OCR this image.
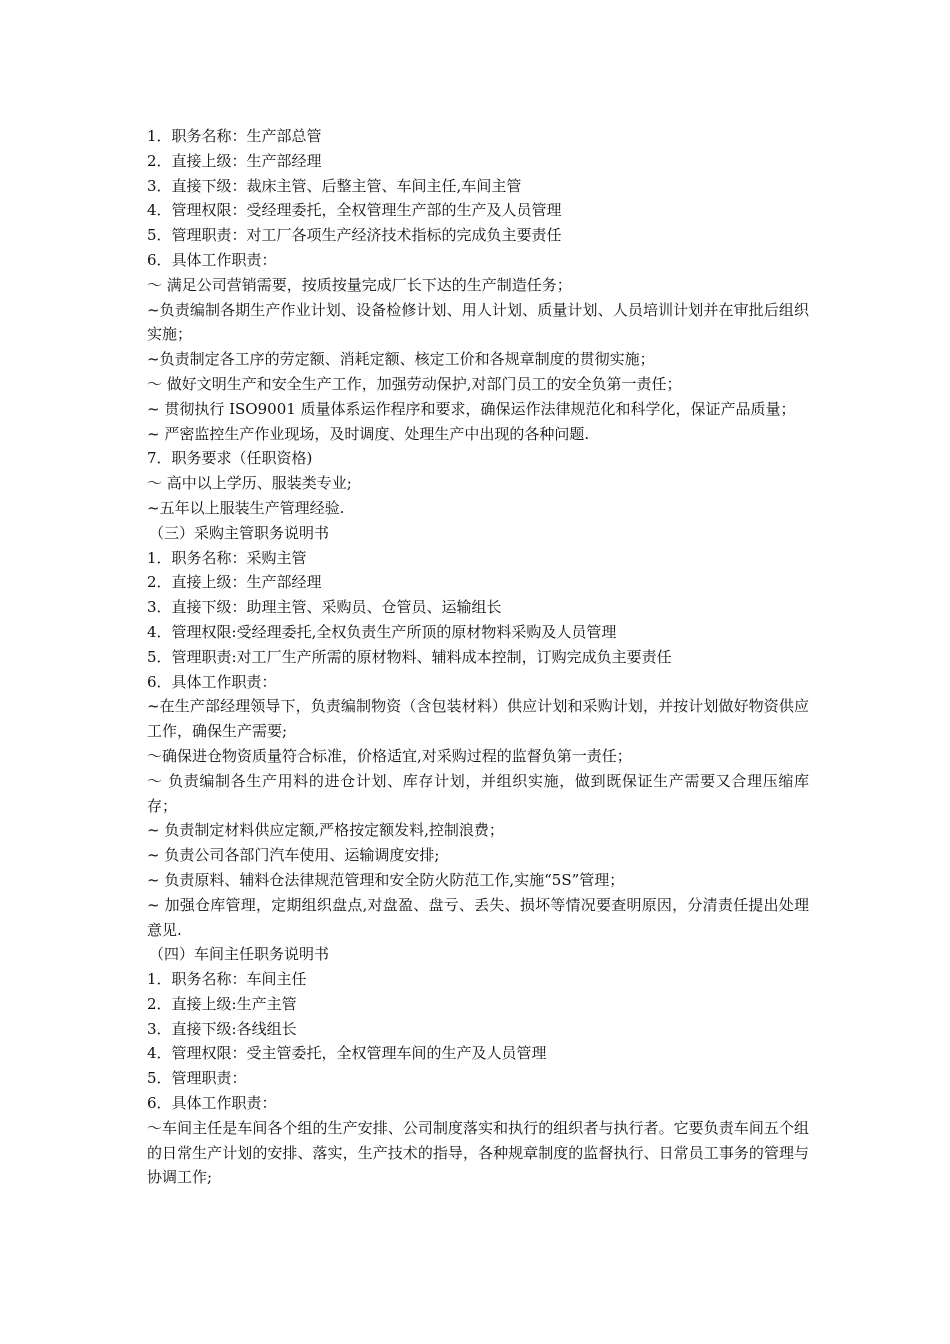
1．职务名称：生产部总管

2．直接上级：生产部经理

3．直接下级：裁床主管、后整主管、车间主任,车间主管

4．管理权限：受经理委托，全权管理生产部的生产及人员管理

5．管理职责：对工厂各项生产经济技术指标的完成负主要责任

6．具体工作职责：

～ 满足公司营销需要，按质按量完成厂长下达的生产制造任务；

~负责编制各期生产作业计划、设备检修计划、用人计划、质量计划、人员培训计划并在审批后组织实施；

~负责制定各工序的劳定额、消耗定额、核定工价和各规章制度的贯彻实施；

～ 做好文明生产和安全生产工作，加强劳动保护,对部门员工的安全负第一责任；

~ 贯彻执行 ISO9001 质量体系运作程序和要求，确保运作法律规范化和科学化，保证产品质量；

~ 严密监控生产作业现场，及时调度、处理生产中出现的各种问题.

7．职务要求（任职资格)

～ 高中以上学历、服装类专业;

~五年以上服装生产管理经验.

（三）采购主管职务说明书

1．职务名称：采购主管

2．直接上级：生产部经理

3．直接下级：助理主管、采购员、仓管员、运输组长

4．管理权限:受经理委托,全权负责生产所顶的原材物料采购及人员管理

5．管理职责:对工厂生产所需的原材物料、辅料成本控制，订购完成负主要责任

6．具体工作职责：

~在生产部经理领导下，负责编制物资（含包装材料）供应计划和采购计划，并按计划做好物资供应工作，确保生产需要;

～确保进仓物资质量符合标准，价格适宜,对采购过程的监督负第一责任；

～ 负责编制各生产用料的进仓计划、库存计划，并组织实施，做到既保证生产需要又合理压缩库存；

~ 负责制定材料供应定额,严格按定额发料,控制浪费；

~ 负责公司各部门汽车使用、运输调度安排;

~ 负责原料、辅料仓法律规范管理和安全防火防范工作,实施“5S”管理；

~ 加强仓库管理，定期组织盘点,对盘盈、盘亏、丢失、损坏等情况要查明原因，分清责任提出处理意见.

（四）车间主任职务说明书

1．职务名称：车间主任

2．直接上级:生产主管

3．直接下级:各线组长

4．管理权限：受主管委托，全权管理车间的生产及人员管理

5．管理职责：

6．具体工作职责：

～车间主任是车间各个组的生产安排、公司制度落实和执行的组织者与执行者。它要负责车间五个组的日常生产计划的安排、落实，生产技术的指导，各种规章制度的监督执行、日常员工事务的管理与协调工作;
